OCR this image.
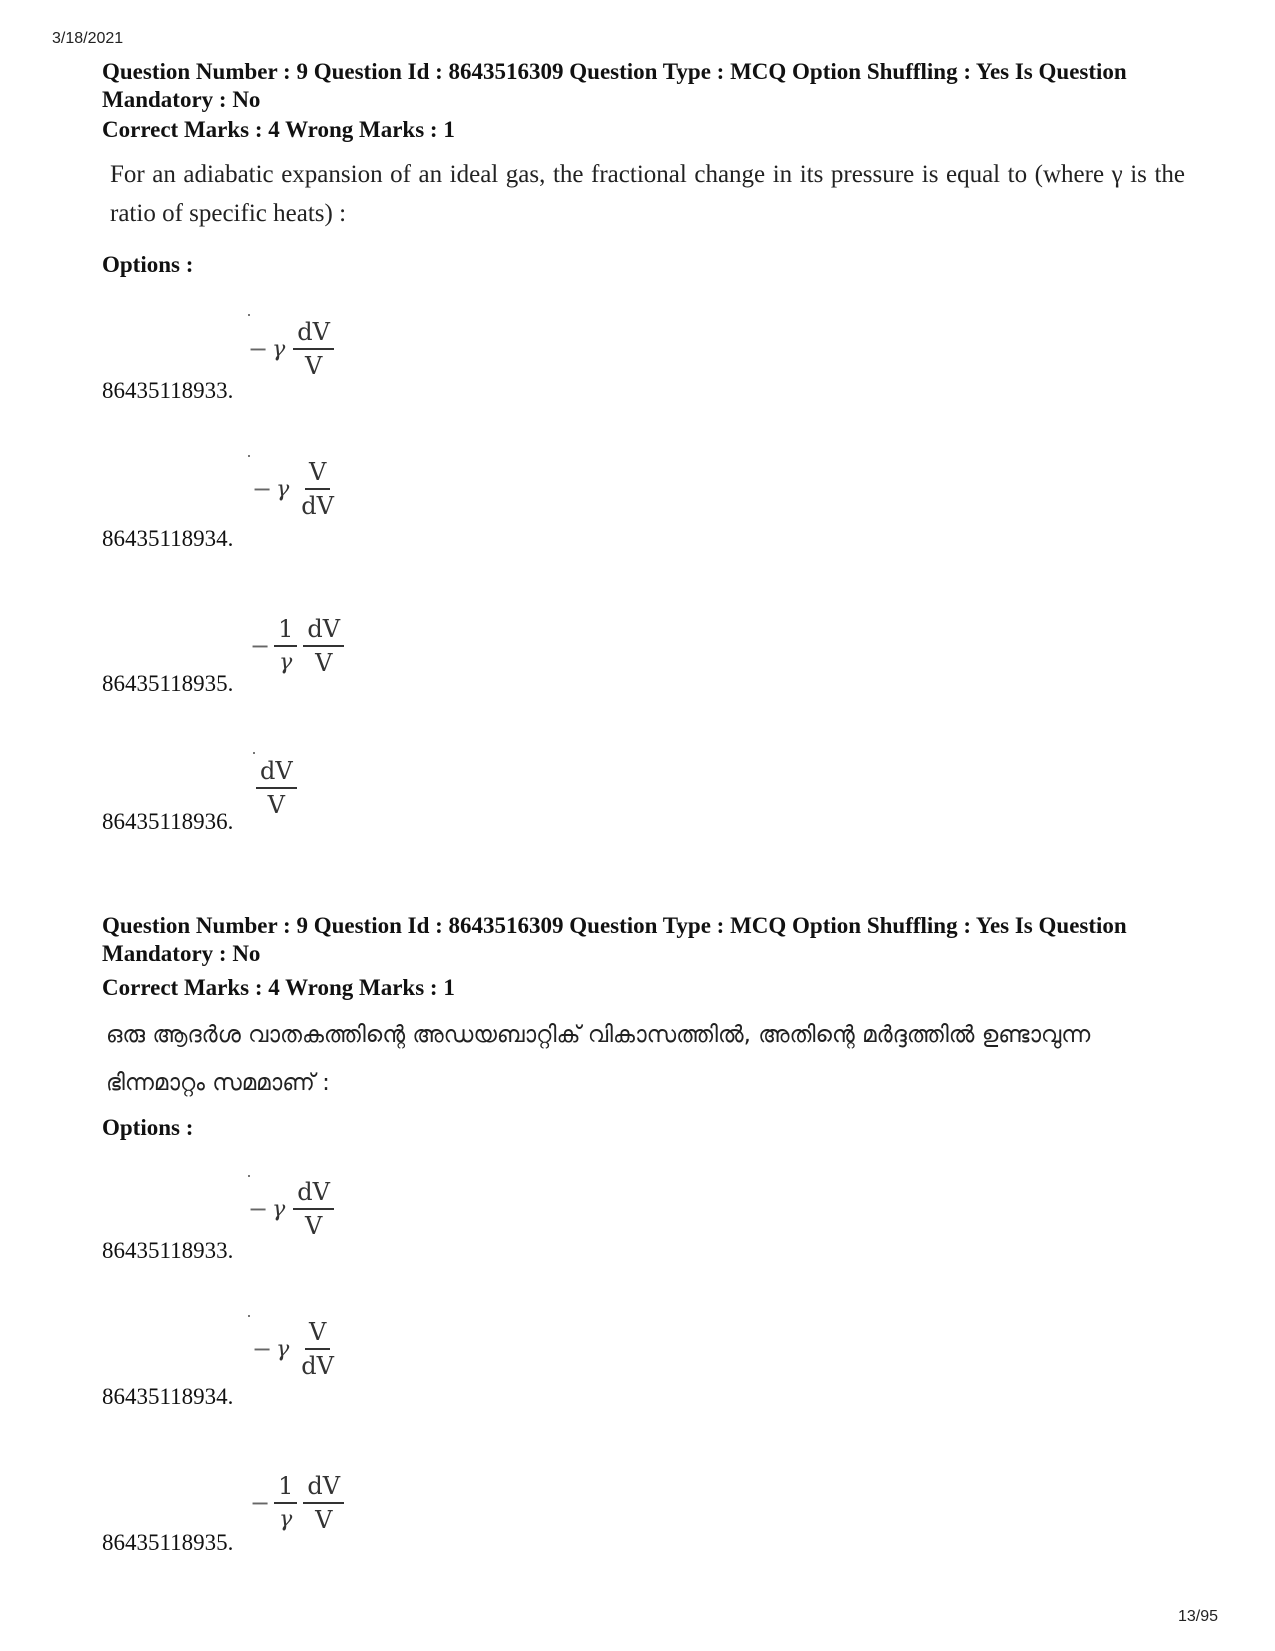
3/18/2021
Question Number : 9 Question Id : 8643516309 Question Type : MCQ Option Shuffling : Yes Is Question Mandatory : No
Correct Marks : 4 Wrong Marks : 1
For an adiabatic expansion of an ideal gas, the fractional change in its pressure is equal to (where γ is the ratio of specific heats) :
Options :
− γ $\frac{dV}{V}$
86435118933.
− γ $\frac{V}{dV}$
86435118934.
− $\frac{1}{\gamma} \frac{dV}{V}$
86435118935.
$\frac{dV}{V}$
86435118936.
Question Number : 9 Question Id : 8643516309 Question Type : MCQ Option Shuffling : Yes Is Question Mandatory : No
Correct Marks : 4 Wrong Marks : 1
ഒരു ആദർശ വാതകത്തിന്റെ അഡയബാറ്റിക് വികാസത്തിൽ, അതിന്റെ മർദ്ദത്തിൽ ഉണ്ടാവുന്ന ഭിന്നമാറ്റം സമമാണ് :
Options :
− γ $\frac{dV}{V}$
86435118933.
− γ $\frac{V}{dV}$
86435118934.
− $\frac{1}{\gamma} \frac{dV}{V}$
86435118935.
13/95
